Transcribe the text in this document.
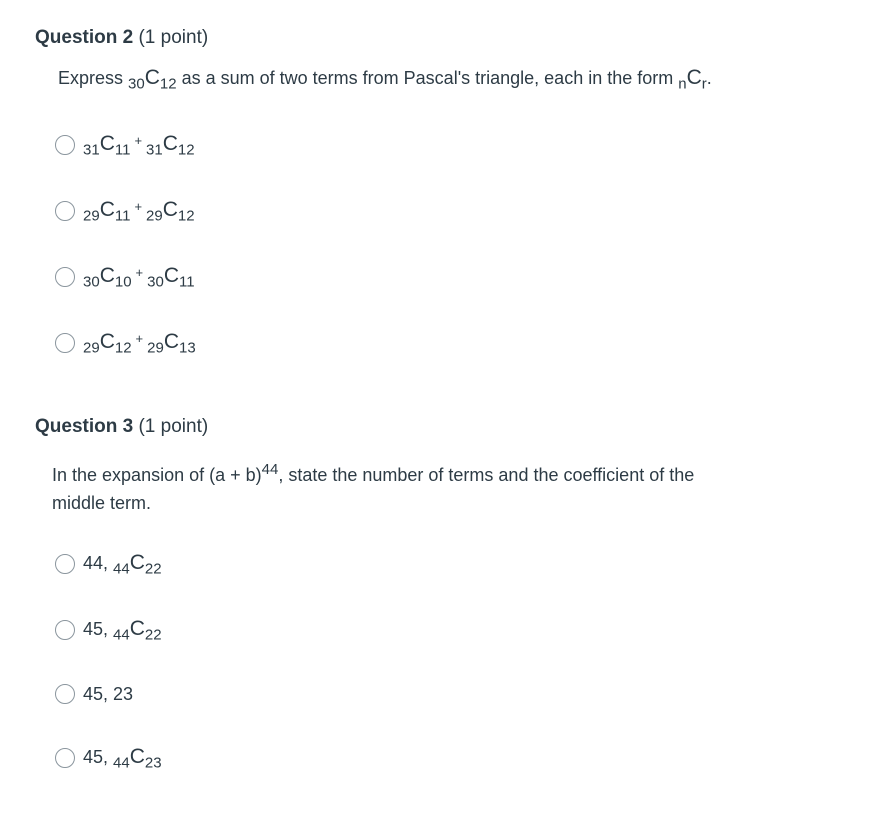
Question 2 (1 point)
Express $_{30}C_{12}$ as a sum of two terms from Pascal's triangle, each in the form $_nC_r$.
$_{31}C_{11}^+_{31}C_{12}$
$_{29}C_{11}^+_{29}C_{12}$
$_{30}C_{10}^+_{30}C_{11}$
$_{29}C_{12}^+_{29}C_{13}$
Question 3 (1 point)
In the expansion of $(a + b)^{44}$, state the number of terms and the coefficient of the
middle term.
44, $_{44}C_{22}$
45, $_{44}C_{22}$
45, 23
45, $_{44}C_{23}$
